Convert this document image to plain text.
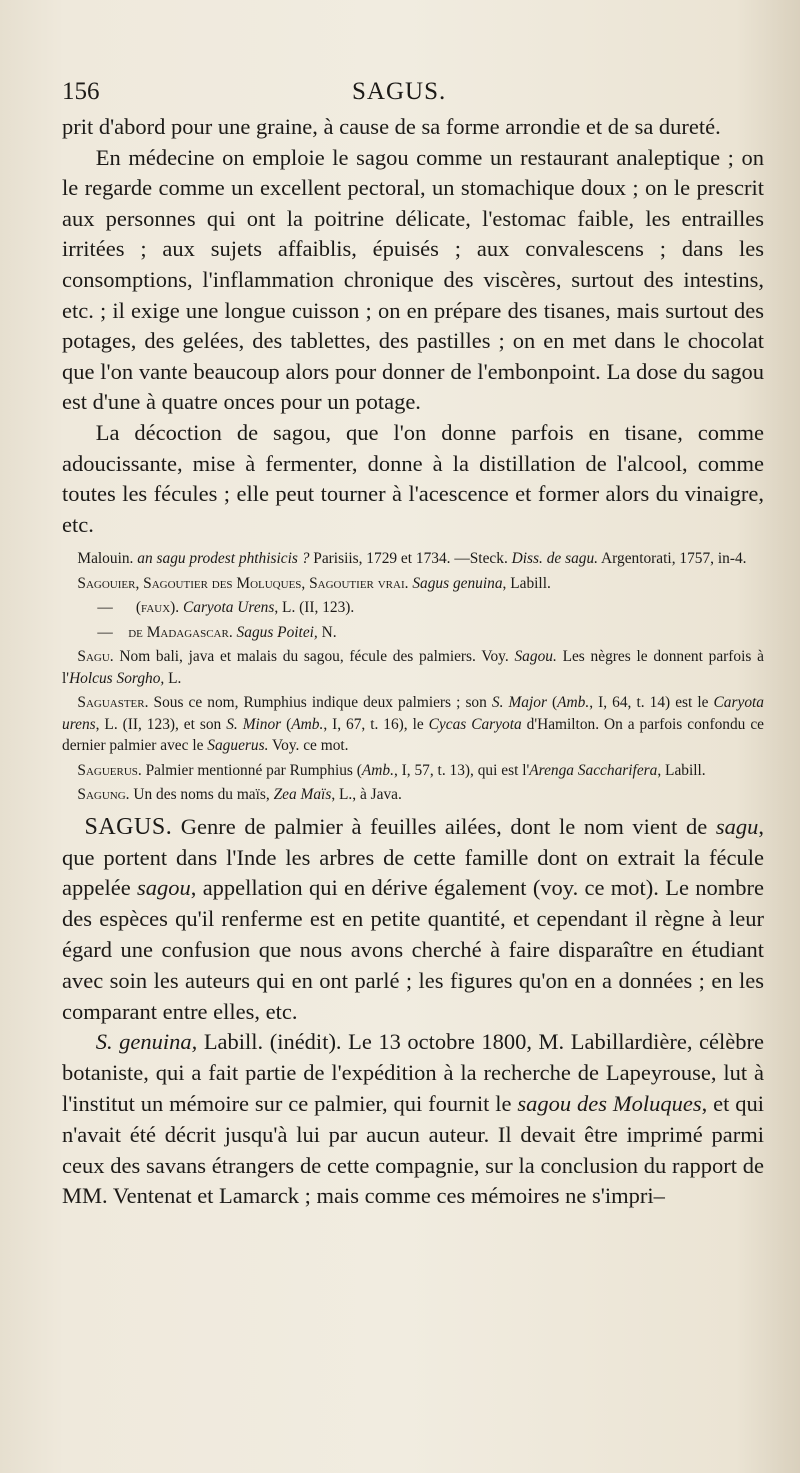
156	SAGUS.

prit d'abord pour une graine, à cause de sa forme arrondie et de sa dureté.

En médecine on emploie le sagou comme un restaurant analeptique ; on le regarde comme un excellent pectoral, un stomachique doux ; on le prescrit aux personnes qui ont la poitrine délicate, l'estomac faible, les entrailles irritées ; aux sujets affaiblis, épuisés ; aux convalescens ; dans les consomptions, l'inflammation chronique des viscères, surtout des intestins, etc. ; il exige une longue cuisson ; on en prépare des tisanes, mais surtout des potages, des gelées, des tablettes, des pastilles ; on en met dans le chocolat que l'on vante beaucoup alors pour donner de l'embonpoint. La dose du sagou est d'une à quatre onces pour un potage.

La décoction de sagou, que l'on donne parfois en tisane, comme adoucissante, mise à fermenter, donne à la distillation de l'alcool, comme toutes les fécules ; elle peut tourner à l'acescence et former alors du vinaigre, etc.

Malouin. an sagu prodest phthisicis ? Parisiis, 1729 et 1734. —Steck. Diss. de sagu. Argentorati, 1757, in-4.

Sagouier, Sagoutier des Moluques, Sagoutier vrai. Sagus genuina, Labill.

— (faux). Caryota Urens, L. (II, 123).

— de Madagascar. Sagus Poitei, N.

Sagu. Nom bali, java et malais du sagou, fécule des palmiers. Voy. Sagou. Les nègres le donnent parfois à l'Holcus Sorgho, L.

Saguaster. Sous ce nom, Rumphius indique deux palmiers ; son S. Major (Amb., I, 64, t. 14) est le Caryota urens, L. (II, 123), et son S. Minor (Amb., I, 67, t. 16), le Cycas Caryota d'Hamilton. On a parfois confondu ce dernier palmier avec le Saguerus. Voy. ce mot.

Saguerus. Palmier mentionné par Rumphius (Amb., I, 57, t. 13), qui est l'Arenga Saccharifera, Labill.

Sagung. Un des noms du maïs, Zea Maïs, L., à Java.

SAGUS. Genre de palmier à feuilles ailées, dont le nom vient de sagu, que portent dans l'Inde les arbres de cette famille dont on extrait la fécule appelée sagou, appellation qui en dérive également (voy. ce mot). Le nombre des espèces qu'il renferme est en petite quantité, et cependant il règne à leur égard une confusion que nous avons cherché à faire disparaître en étudiant avec soin les auteurs qui en ont parlé ; les figures qu'on en a données ; en les comparant entre elles, etc.

S. genuina, Labill. (inédit). Le 13 octobre 1800, M. Labillardière, célèbre botaniste, qui a fait partie de l'expédition à la recherche de Lapeyrouse, lut à l'institut un mémoire sur ce palmier, qui fournit le sagou des Moluques, et qui n'avait été décrit jusqu'à lui par aucun auteur. Il devait être imprimé parmi ceux des savans étrangers de cette compagnie, sur la conclusion du rapport de MM. Ventenat et Lamarck ; mais comme ces mémoires ne s'impri–
